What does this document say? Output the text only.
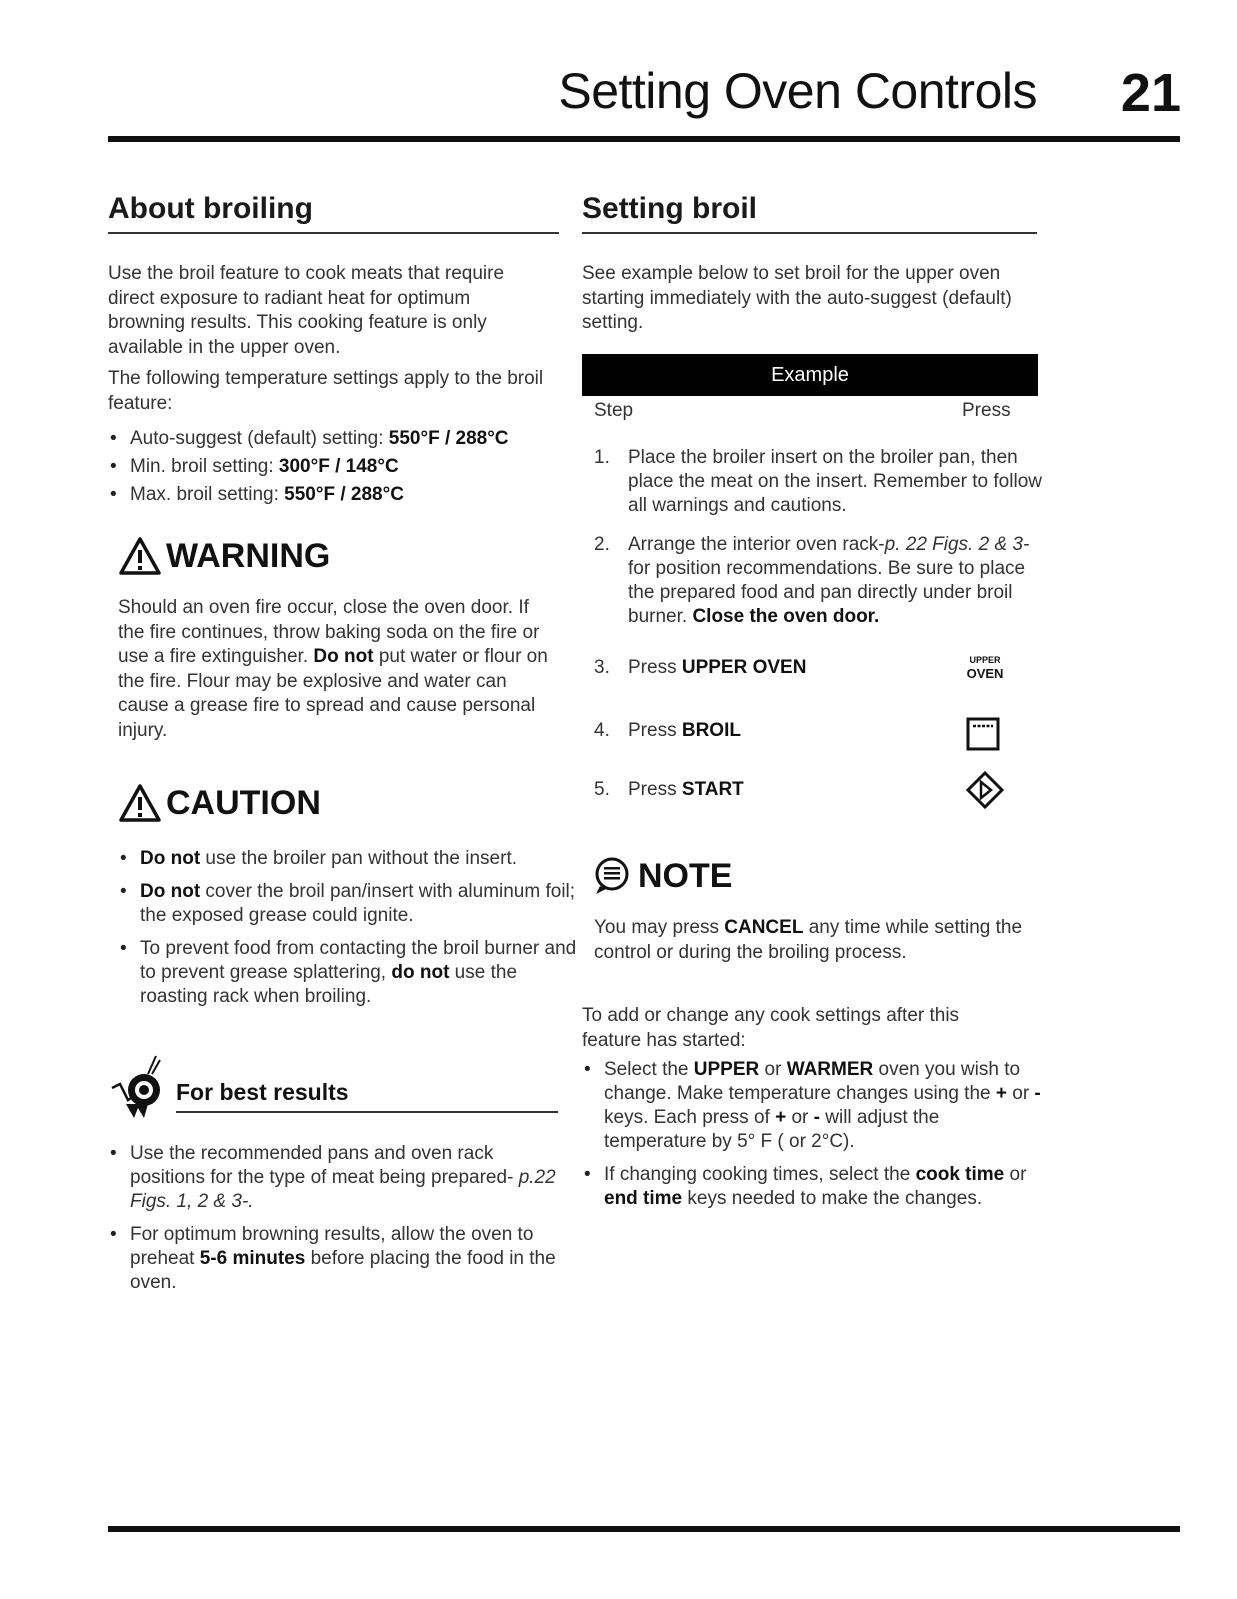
Setting Oven Controls 21
About broiling
Use the broil feature to cook meats that require direct exposure to radiant heat for optimum browning results. This cooking feature is only available in the upper oven.
The following temperature settings apply to the broil feature:
• Auto-suggest (default) setting: 550°F / 288°C
• Min. broil setting: 300°F / 148°C
• Max. broil setting: 550°F / 288°C
WARNING
Should an oven fire occur, close the oven door. If the fire continues, throw baking soda on the fire or use a fire extinguisher. Do not put water or flour on the fire. Flour may be explosive and water can cause a grease fire to spread and cause personal injury.
CAUTION
• Do not use the broiler pan without the insert.
• Do not cover the broil pan/insert with aluminum foil; the exposed grease could ignite.
• To prevent food from contacting the broil burner and to prevent grease splattering, do not use the roasting rack when broiling.
For best results
• Use the recommended pans and oven rack positions for the type of meat being prepared- p.22 Figs. 1, 2 & 3-.
• For optimum browning results, allow the oven to preheat 5-6 minutes before placing the food in the oven.
Setting broil
See example below to set broil for the upper oven starting immediately with the auto-suggest (default) setting.
Example
Step	Press
1. Place the broiler insert on the broiler pan, then place the meat on the insert. Remember to follow all warnings and cautions.
2. Arrange the interior oven rack-p. 22 Figs. 2 & 3- for position recommendations. Be sure to place the prepared food and pan directly under broil burner. Close the oven door.
3. Press UPPER OVEN
4. Press BROIL
5. Press START
UPPER
OVEN
NOTE
You may press CANCEL any time while setting the control or during the broiling process.
To add or change any cook settings after this feature has started:
• Select the UPPER or WARMER oven you wish to change. Make temperature changes using the + or - keys. Each press of + or - will adjust the temperature by 5° F ( or 2°C).
• If changing cooking times, select the cook time or end time keys needed to make the changes.
